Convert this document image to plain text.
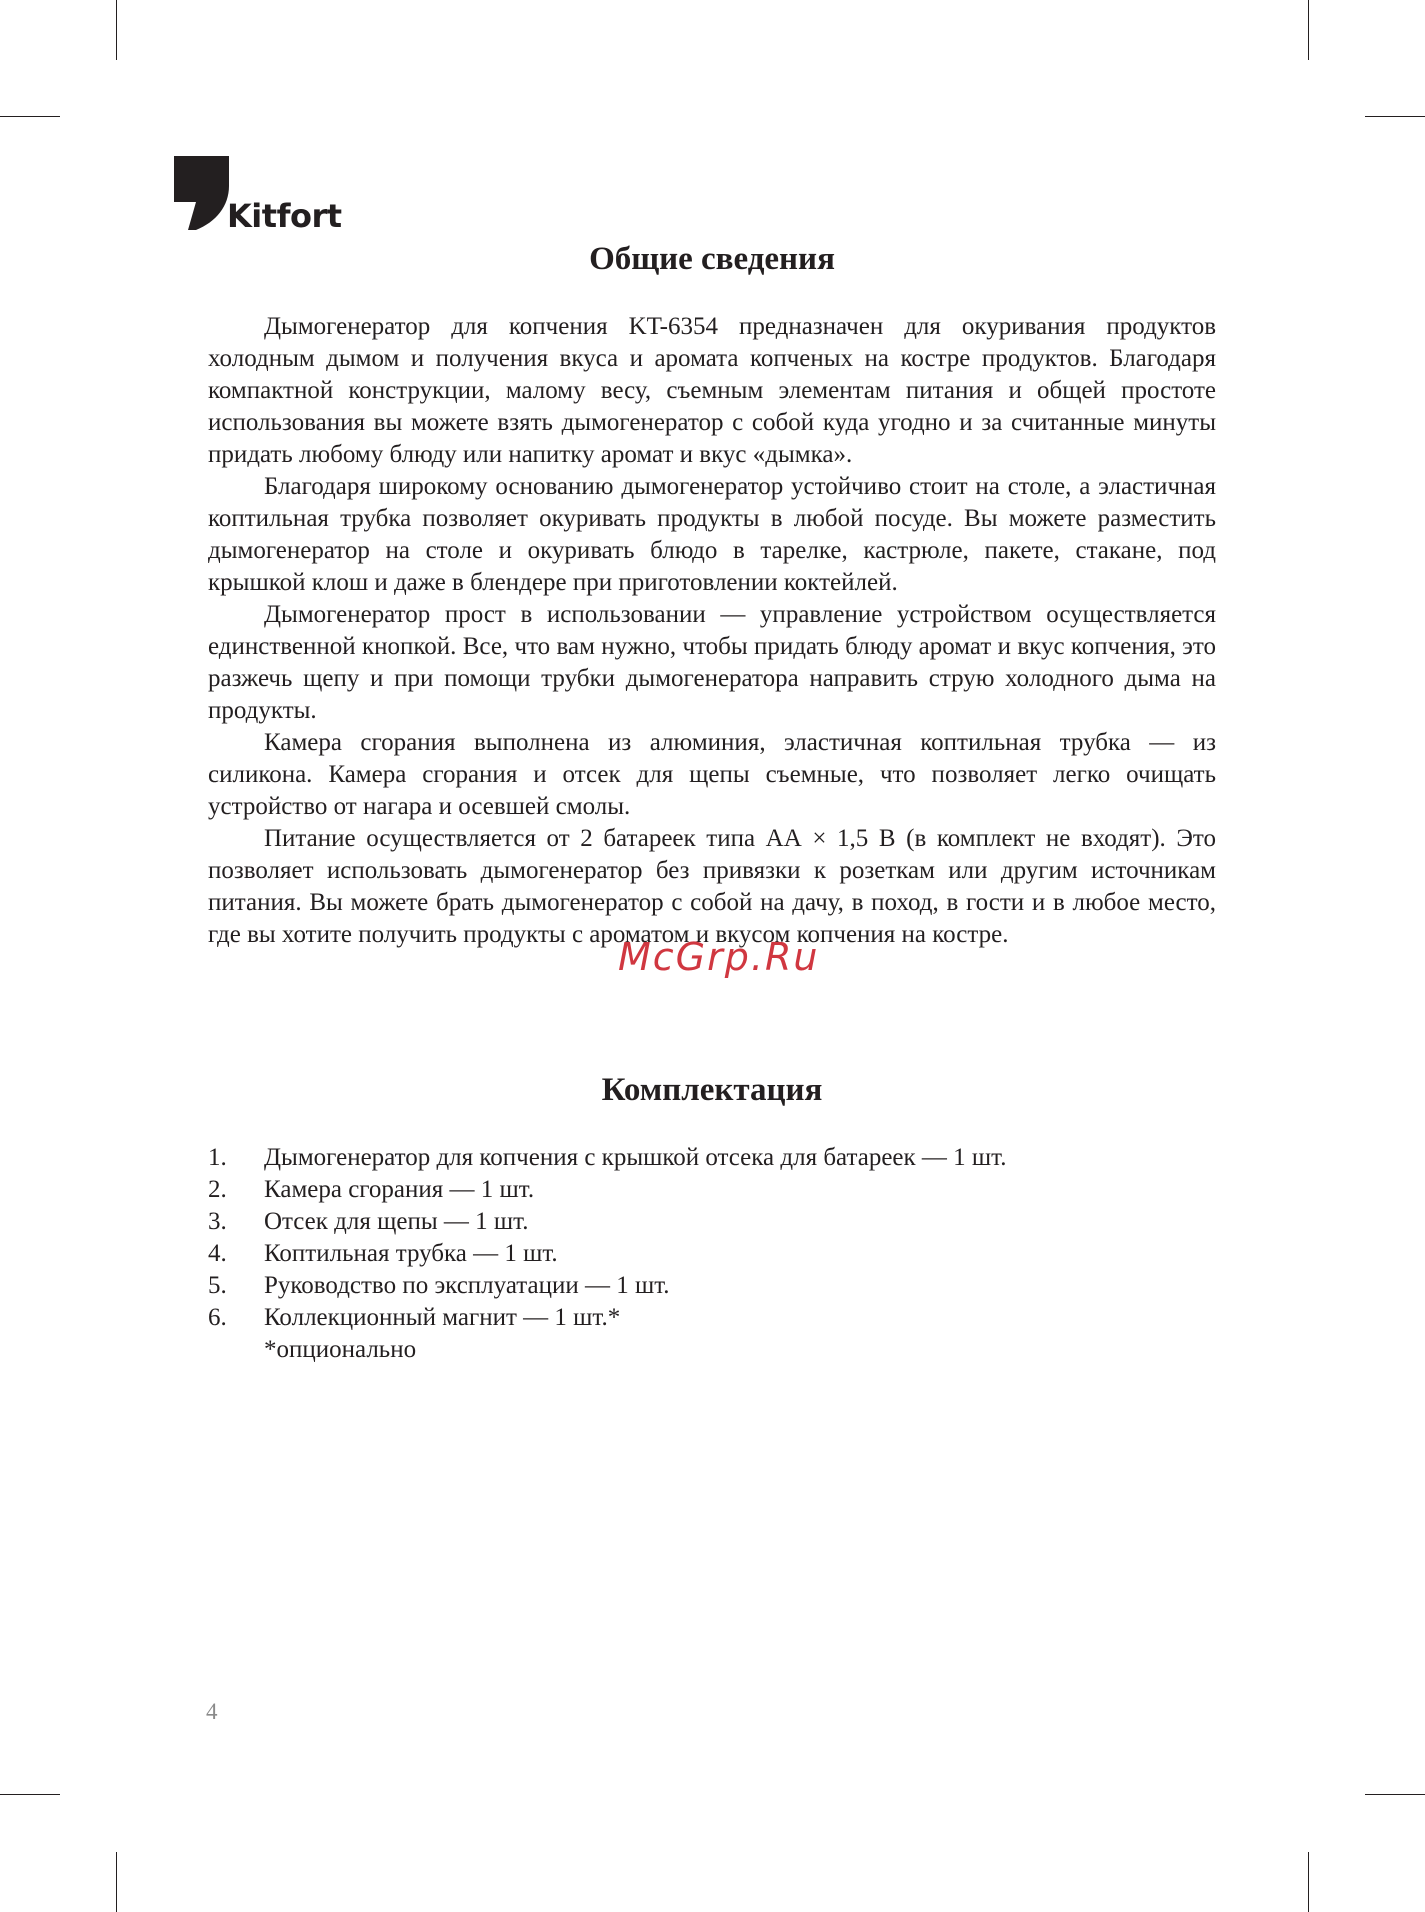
Kitfort
Общие сведения

Дымогенератор для копчения KT-6354 предназначен для окуривания продуктов холодным дымом и получения вкуса и аромата копченых на костре продуктов. Благодаря компактной конструкции, малому весу, съемным элементам питания и общей простоте использования вы можете взять дымогенератор с собой куда угодно и за считанные минуты придать любому блюду или напитку аромат и вкус «дымка».

Благодаря широкому основанию дымогенератор устойчиво стоит на столе, а эластичная коптильная трубка позволяет окуривать продукты в любой посуде. Вы можете разместить дымогенератор на столе и окуривать блюдо в тарелке, кастрюле, пакете, стакане, под крышкой клош и даже в блендере при приготовлении коктейлей.

Дымогенератор прост в использовании — управление устройством осуществляется единственной кнопкой. Все, что вам нужно, чтобы придать блюду аромат и вкус копчения, это разжечь щепу и при помощи трубки дымогенератора направить струю холодного дыма на продукты.

Камера сгорания выполнена из алюминия, эластичная коптильная трубка — из силикона. Камера сгорания и отсек для щепы съемные, что позволяет легко очищать устройство от нагара и осевшей смолы.

Питание осуществляется от 2 батареек типа АА × 1,5 В (в комплект не входят). Это позволяет использовать дымогенератор без привязки к розеткам или другим источникам питания. Вы можете брать дымогенератор с собой на дачу, в поход, в гости и в любое место, где вы хотите получить продукты с ароматом и вкусом копчения на костре.

McGrp.Ru
Комплектация
1.	Дымогенератор для копчения с крышкой отсека для батареек — 1 шт.
2.	Камера сгорания — 1 шт.
3.	Отсек для щепы — 1 шт.
4.	Коптильная трубка — 1 шт.
5.	Руководство по эксплуатации — 1 шт.
6.	Коллекционный магнит — 1 шт.*
*опционально
4
